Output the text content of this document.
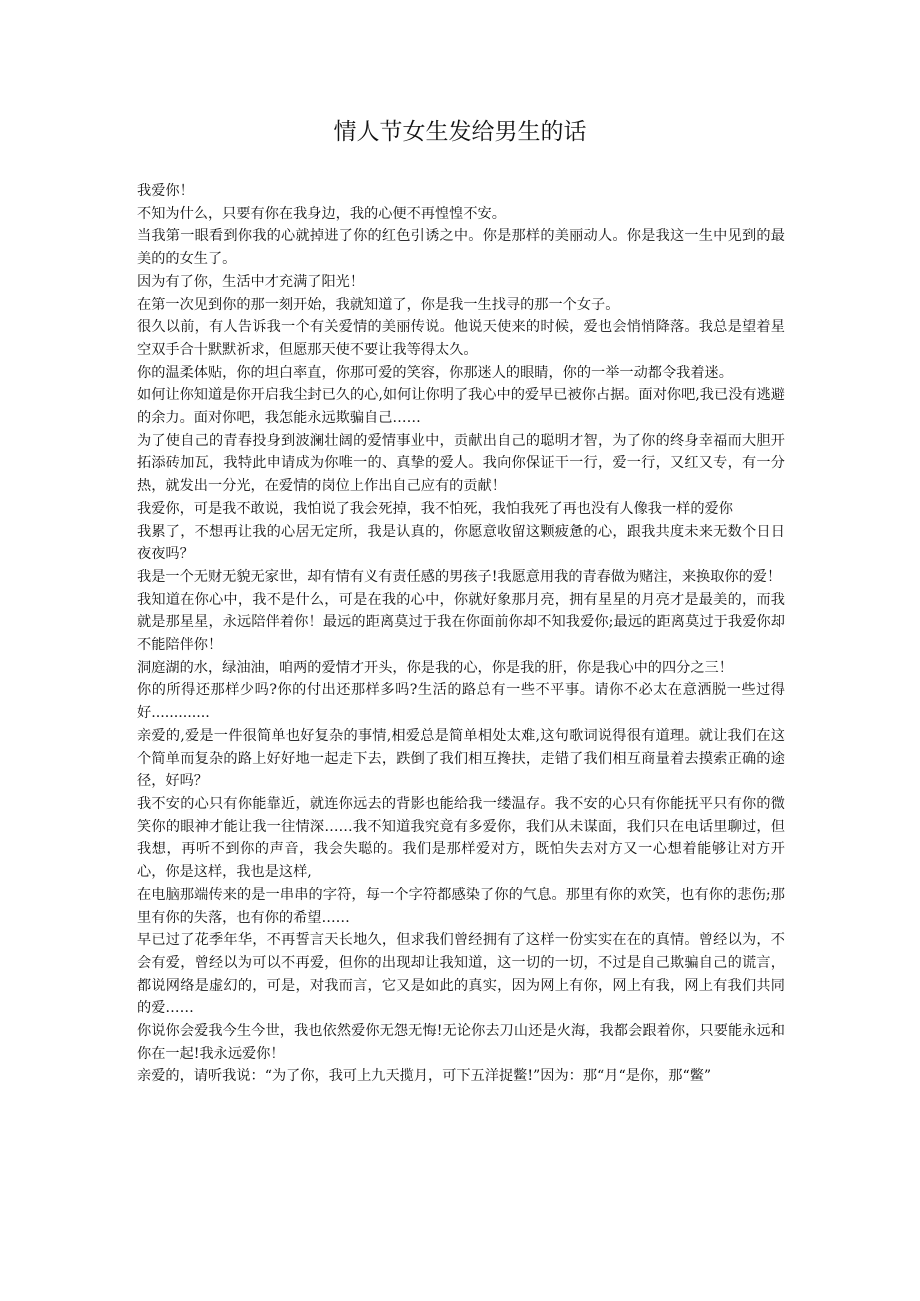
情人节女生发给男生的话

我爱你！

不知为什么，只要有你在我身边，我的心便不再惶惶不安。

当我第一眼看到你我的心就掉进了你的红色引诱之中。你是那样的美丽动人。你是我这一生中见到的最美的的女生了。

因为有了你，生活中才充满了阳光！

在第一次见到你的那一刻开始，我就知道了，你是我一生找寻的那一个女子。

很久以前，有人告诉我一个有关爱情的美丽传说。他说天使来的时候，爱也会悄悄降落。我总是望着星空双手合十默默祈求，但愿那天使不要让我等得太久。

你的温柔体贴，你的坦白率直，你那可爱的笑容，你那迷人的眼睛，你的一举一动都令我着迷。

如何让你知道是你开启我尘封已久的心,如何让你明了我心中的爱早已被你占据。面对你吧,我已没有逃避的余力。面对你吧，我怎能永远欺骗自己……

为了使自己的青春投身到波澜壮阔的爱情事业中，贡献出自己的聪明才智，为了你的终身幸福而大胆开拓添砖加瓦，我特此申请成为你唯一的、真挚的爱人。我向你保证干一行，爱一行，又红又专，有一分热，就发出一分光，在爱情的岗位上作出自己应有的贡献！

我爱你，可是我不敢说，我怕说了我会死掉，我不怕死，我怕我死了再也没有人像我一样的爱你

我累了，不想再让我的心居无定所，我是认真的，你愿意收留这颗疲惫的心，跟我共度未来无数个日日夜夜吗？

我是一个无财无貌无家世，却有情有义有责任感的男孩子!我愿意用我的青春做为赌注，来换取你的爱！

我知道在你心中，我不是什么，可是在我的心中，你就好象那月亮，拥有星星的月亮才是最美的，而我就是那星星，永远陪伴着你！最远的距离莫过于我在你面前你却不知我爱你;最远的距离莫过于我爱你却不能陪伴你！

洞庭湖的水，绿油油，咱两的爱情才开头，你是我的心，你是我的肝，你是我心中的四分之三！

你的所得还那样少吗?你的付出还那样多吗?生活的路总有一些不平事。请你不必太在意洒脱一些过得好.............

亲爱的,爱是一件很简单也好复杂的事情,相爱总是简单相处太难,这句歌词说得很有道理。就让我们在这个简单而复杂的路上好好地一起走下去，跌倒了我们相互搀扶，走错了我们相互商量着去摸索正确的途径，好吗？

我不安的心只有你能靠近，就连你远去的背影也能给我一缕温存。我不安的心只有你能抚平只有你的微笑你的眼神才能让我一往情深……我不知道我究竟有多爱你，我们从未谋面，我们只在电话里聊过，但我想，再听不到你的声音，我会失聪的。我们是那样爱对方，既怕失去对方又一心想着能够让对方开心，你是这样，我也是这样,

在电脑那端传来的是一串串的字符，每一个字符都感染了你的气息。那里有你的欢笑，也有你的悲伤;那里有你的失落，也有你的希望……

早已过了花季年华，不再誓言天长地久，但求我们曾经拥有了这样一份实实在在的真情。曾经以为，不会有爱，曾经以为可以不再爱，但你的出现却让我知道，这一切的一切，不过是自己欺骗自己的谎言，都说网络是虚幻的，可是，对我而言，它又是如此的真实，因为网上有你，网上有我，网上有我们共同的爱……

你说你会爱我今生今世，我也依然爱你无怨无悔!无论你去刀山还是火海，我都会跟着你，只要能永远和你在一起!我永远爱你！

亲爱的，请听我说：“为了你，我可上九天揽月，可下五洋捉鳖!”因为：那“月“是你，那“鳖”
